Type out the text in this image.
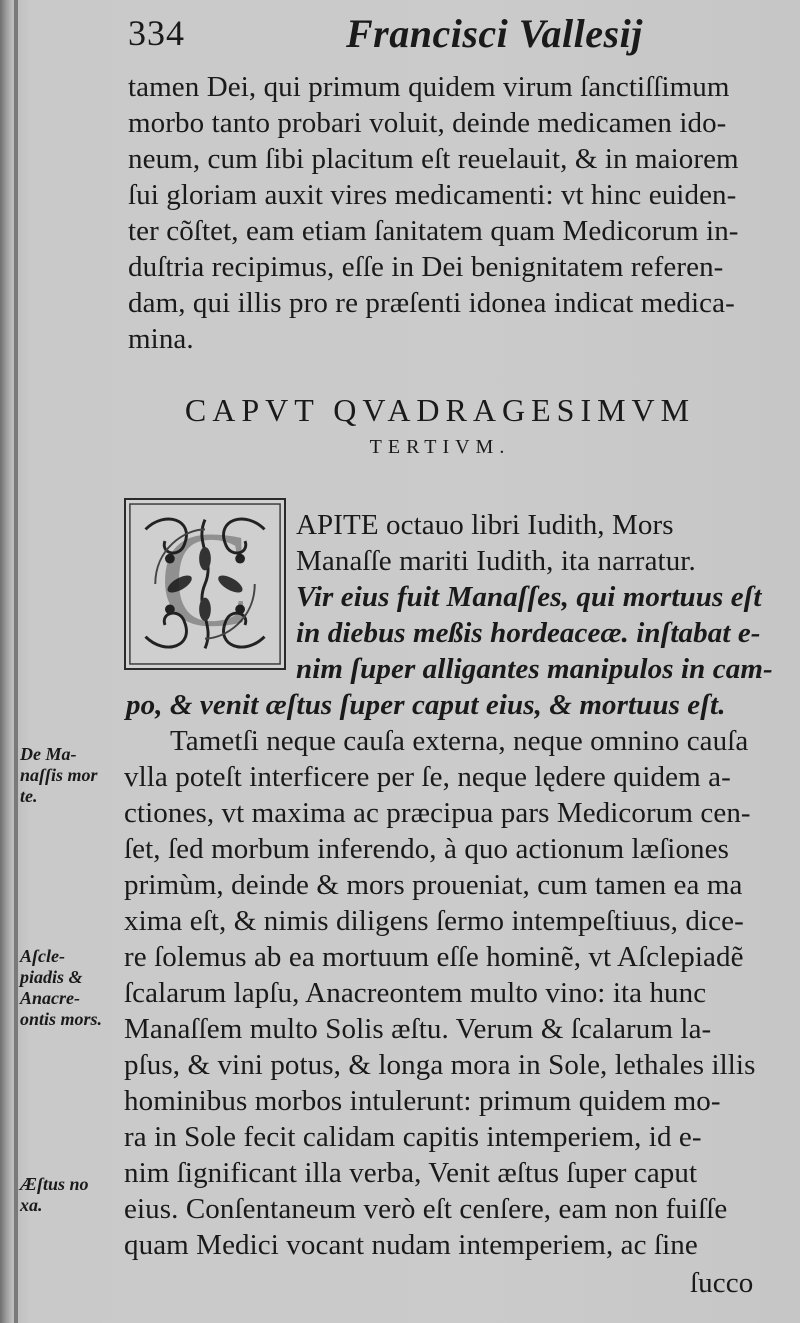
334	Francisci Vallesij
tamen Dei, qui primum quidem virum ſanctiſſimum
morbo tanto probari voluit, deinde medicamen ido-
neum, cum ſibi placitum eſt reuelauit, & in maiorem
ſui gloriam auxit vires medicamenti: vt hinc euiden-
ter cõſtet, eam etiam ſanitatem quam Medicorum in-
duſtria recipimus, eſſe in Dei benignitatem referen-
dam, qui illis pro re præſenti idonea indicat medica-
mina.
CAPVT QVADRAGESIMVM
TERTIVM.
C APITE octauo libri Iudith, Mors
Manaſſe mariti Iudith, ita narratur.
Vir eius fuit Manaſſes, qui mortuus eſt
in diebus meßis hordeaceæ. inſtabat e-
nim ſuper alligantes manipulos in cam-
po, & venit æſtus ſuper caput eius, & mortuus eſt.
Tametſi neque cauſa externa, neque omnino cauſa
vlla poteſt interficere per ſe, neque lędere quidem a-
ctiones, vt maxima ac præcipua pars Medicorum cen-
ſet, ſed morbum inferendo, à quo actionum læſiones
primùm, deinde & mors proueniat, cum tamen ea ma
xima eſt, & nimis diligens ſermo intempeſtiuus, dice-
re ſolemus ab ea mortuum eſſe hominẽ, vt Aſclepiadẽ
ſcalarum lapſu, Anacreontem multo vino: ita hunc
Manaſſem multo Solis æſtu. Verum & ſcalarum la-
pſus, & vini potus, & longa mora in Sole, lethales illis
hominibus morbos intulerunt: primum quidem mo-
ra in Sole fecit calidam capitis intemperiem, id e-
nim ſignificant illa verba, Venit æſtus ſuper caput
eius. Conſentaneum verò eſt cenſere, eam non fuiſſe
quam Medici vocant nudam intemperiem, ac ſine
ſucco
De Ma-
naſſis mor
te.
Aſcle-
piadis &
Anacre-
ontis mors.
Æſtus no
xa.
